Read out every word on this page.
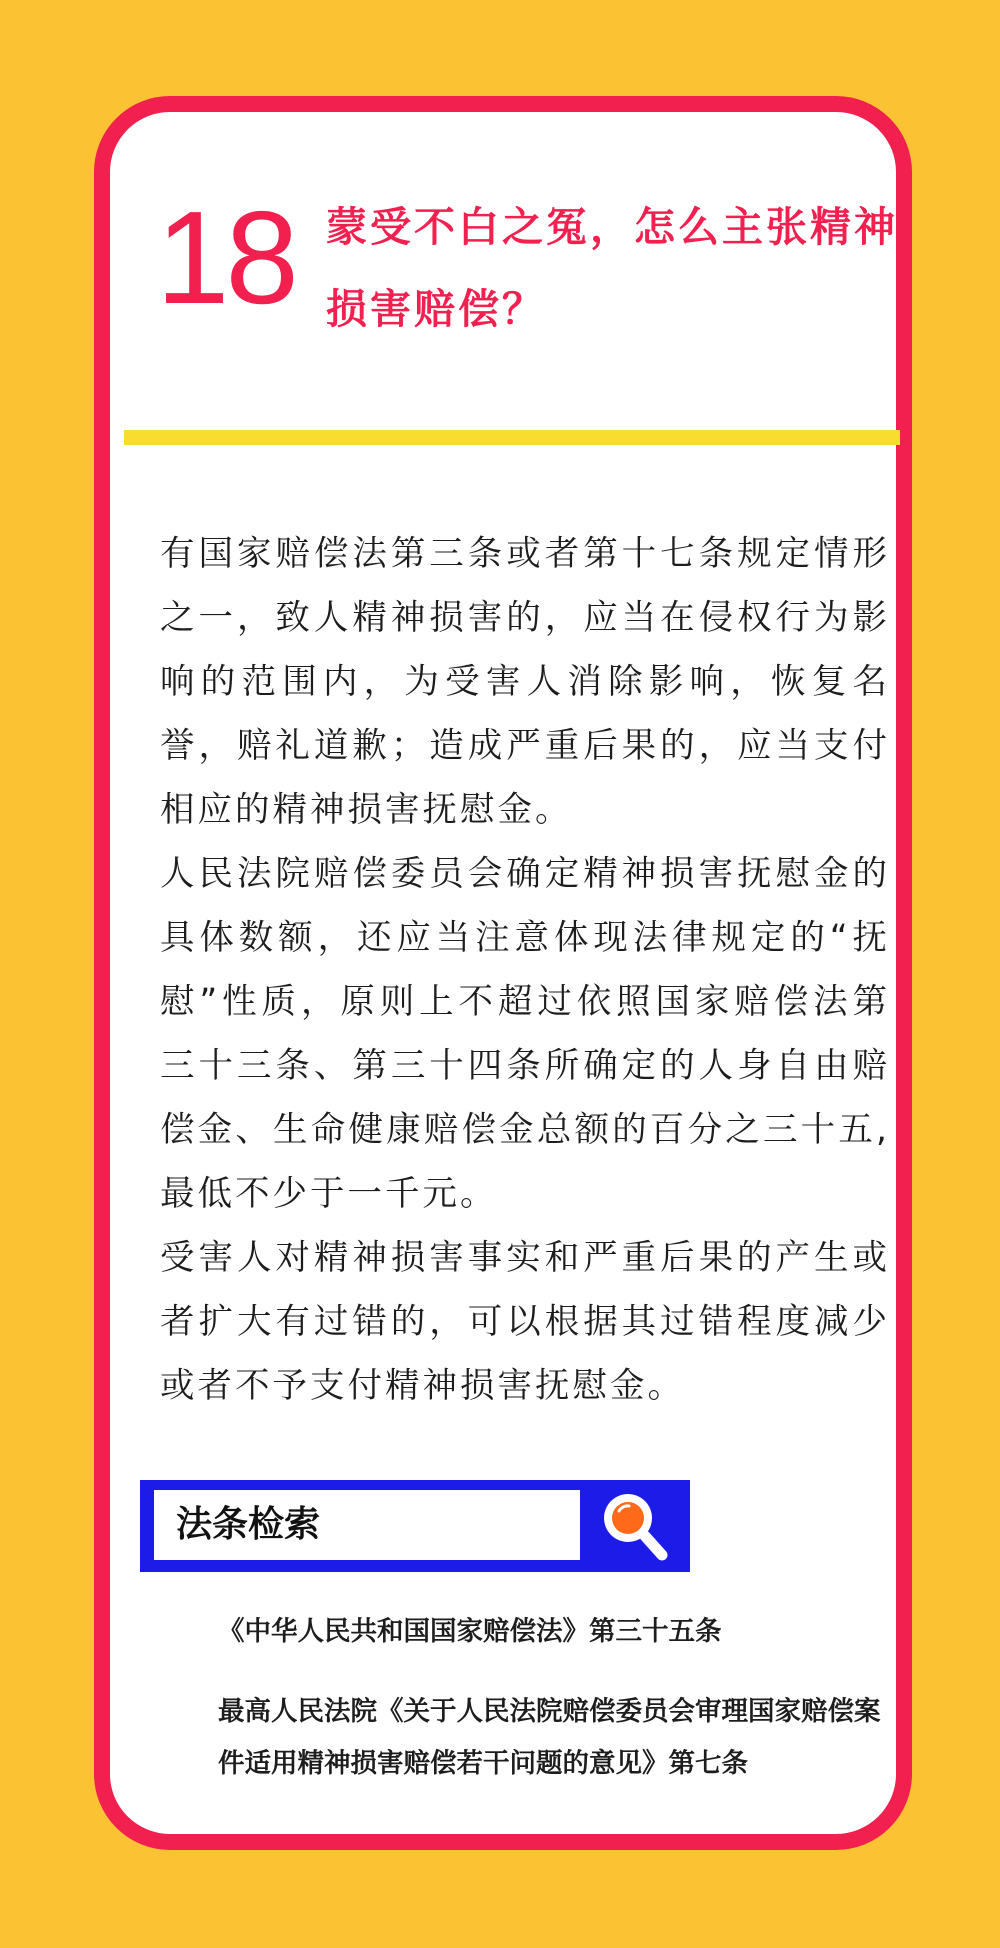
18 蒙受不白之冤，怎么主张精神损害赔偿？

有国家赔偿法第三条或者第十七条规定情形之一，致人精神损害的，应当在侵权行为影响的范围内，为受害人消除影响，恢复名誉，赔礼道歉；造成严重后果的，应当支付相应的精神损害抚慰金。

人民法院赔偿委员会确定精神损害抚慰金的具体数额，还应当注意体现法律规定的“抚慰”性质，原则上不超过依照国家赔偿法第三十三条、第三十四条所确定的人身自由赔偿金、生命健康赔偿金总额的百分之三十五,最低不少于一千元。

受害人对精神损害事实和严重后果的产生或者扩大有过错的，可以根据其过错程度减少或者不予支付精神损害抚慰金。

法条检索
《中华人民共和国国家赔偿法》第三十五条
最高人民法院《关于人民法院赔偿委员会审理国家赔偿案件适用精神损害赔偿若干问题的意见》第七条
